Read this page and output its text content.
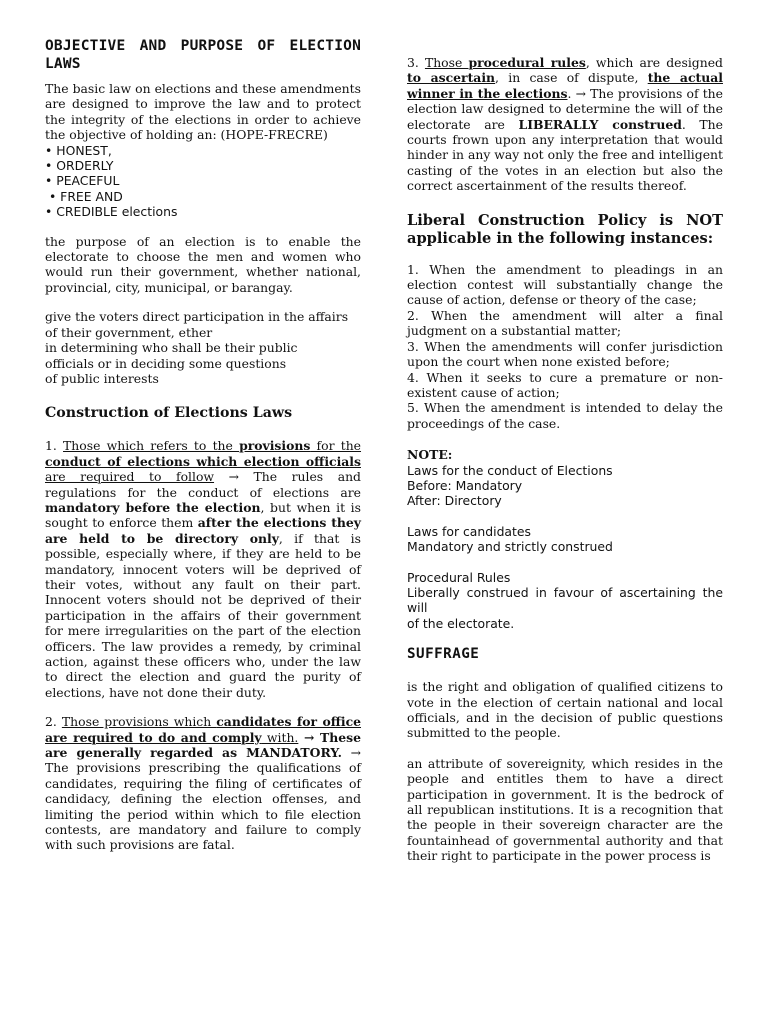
OBJECTIVE AND PURPOSE OF ELECTION LAWS

The basic law on elections and these amendments are designed to improve the law and to protect the integrity of the elections in order to achieve the objective of holding an: (HOPE-FRECRE)

• HONEST,
• ORDERLY
• PEACEFUL
• FREE AND
• CREDIBLE elections

the purpose of an election is to enable the electorate to choose the men and women who would run their government, whether national, provincial, city, municipal, or barangay.

give the voters direct participation in the affairs of their government, ether
in determining who shall be their public
officials or in deciding some questions
of public interests

Construction of Elections Laws

1. Those which refers to the provisions for the conduct of elections which election officials are required to follow → The rules and regulations for the conduct of elections are mandatory before the election, but when it is sought to enforce them after the elections they are held to be directory only, if that is possible, especially where, if they are held to be mandatory, innocent voters will be deprived of their votes, without any fault on their part. Innocent voters should not be deprived of their participation in the affairs of their government for mere irregularities on the part of the election officers. The law provides a remedy, by criminal action, against these officers who, under the law to direct the election and guard the purity of elections, have not done their duty.

2. Those provisions which candidates for office are required to do and comply with. → These are generally regarded as MANDATORY. → The provisions prescribing the qualifications of candidates, requiring the filing of certificates of candidacy, defining the election offenses, and limiting the period within which to file election contests, are mandatory and failure to comply with such provisions are fatal.

3. Those procedural rules, which are designed to ascertain, in case of dispute, the actual winner in the elections. → The provisions of the election law designed to determine the will of the electorate are LIBERALLY construed. The courts frown upon any interpretation that would hinder in any way not only the free and intelligent casting of the votes in an election but also the correct ascertainment of the results thereof.

Liberal Construction Policy is NOT applicable in the following instances:
1. When the amendment to pleadings in an election contest will substantially change the cause of action, defense or theory of the case;
2. When the amendment will alter a final judgment on a substantial matter;
3. When the amendments will confer jurisdiction upon the court when none existed before;
4. When it seeks to cure a premature or non-existent cause of action;
5. When the amendment is intended to delay the proceedings of the case.
NOTE:
Laws for the conduct of Elections
Before: Mandatory
After: Directory
Laws for candidates
Mandatory and strictly construed
Procedural Rules
Liberally construed in favour of ascertaining the will
of the electorate.
SUFFRAGE

is the right and obligation of qualified citizens to vote in the election of certain national and local officials, and in the decision of public questions submitted to the people.

an attribute of sovereignity, which resides in the people and entitles them to have a direct participation in government. It is the bedrock of all republican institutions. It is a recognition that the people in their sovereign character are the fountainhead of governmental authority and that their right to participate in the power process is
